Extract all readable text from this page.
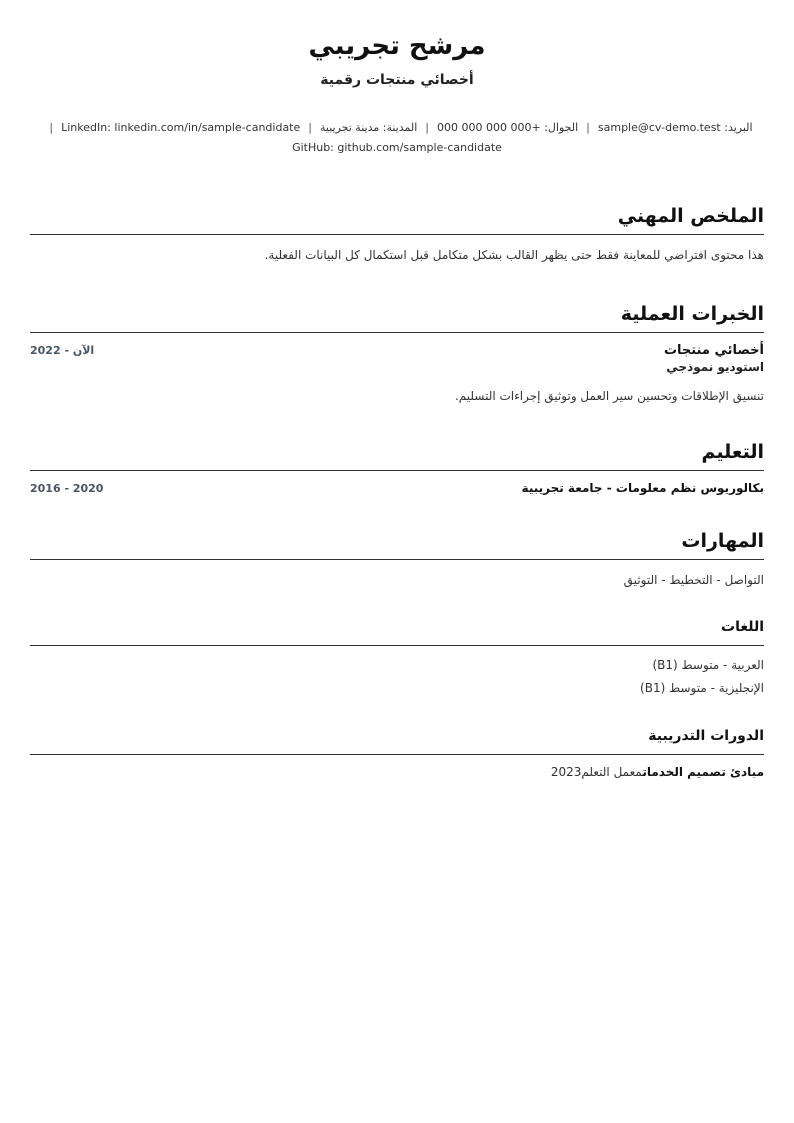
مرشح تجريبي
أخصائي منتجات رقمية
البريد: sample@cv-demo.test|الجوال: +000 000 000 000|المدينة: مدينة تجريبية|LinkedIn: linkedin.com/in/sample-candidate|
GitHub: github.com/sample-candidate
الملخص المهني
هذا محتوى افتراضي للمعاينة فقط حتى يظهر القالب بشكل متكامل قبل استكمال كل البيانات الفعلية.
الخبرات العملية
أخصائي منتجات
استوديو نموذجي
2022 - الآن
تنسيق الإطلاقات وتحسين سير العمل وتوثيق إجراءات التسليم.
التعليم
بكالوريوس نظم معلومات - جامعة تجريبية
2016 - 2020
المهارات
التواصل - التخطيط - التوثيق
اللغات
العربية - متوسط (B1)
الإنجليزية - متوسط (B1)
الدورات التدريبية
مبادئ تصميم الخدماتمعمل التعلم2023
